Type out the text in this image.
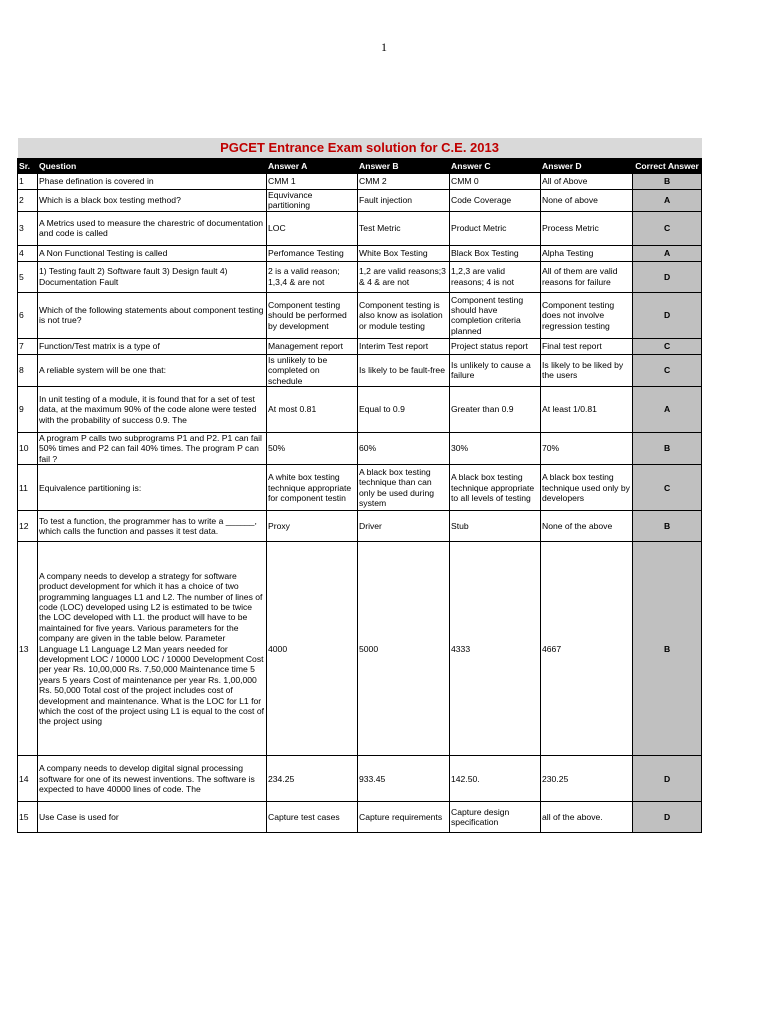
1
PGCET Entrance Exam solution for C.E. 2013						
Sr.	Question	Answer A	Answer B	Answer C	Answer D	Correct Answer
1	Phase defination is covered in	CMM 1	CMM 2	CMM 0	All of Above	B
2	Which is a black box testing method?	Equvivance partitioning	Fault injection	Code Coverage	None of above	A
3	A Metrics used to measure the charestric of documentation and code is called	LOC	Test Metric	Product Metric	Process Metric	C
4	A Non Functional Testing is called	Perfomance Testing	White Box Testing	Black Box Testing	Alpha Testing	A
5	1) Testing fault 2) Software fault 3) Design fault 4) Documentation Fault	2 is a valid reason; 1,3,4 & are not	1,2 are valid reasons;3 & 4 & are not	1,2,3 are valid reasons; 4 is not	All of them are valid reasons for failure	D
6	Which of the following statements about component testing is not true?	Component testing should be performed by development	Component testing is also know as isolation or module testing	Component testing should have completion criteria planned	Component testing does not involve regression testing	D
7	Function/Test matrix is a type of	Management report	Interim Test report	Project status report	Final test report	C
8	A reliable system will be one that:	Is unlikely to be completed on schedule	Is likely to be fault-free	Is unlikely to cause a failure	Is likely to be liked by the users	C
9	In unit testing of a module, it is found that for a set of test data, at the maximum 90% of the code alone were tested with the probability of success 0.9. The	At most 0.81	Equal to 0.9	Greater than 0.9	At least 1/0.81	A
10	A program P calls two subprograms P1 and P2. P1 can fail 50% times and P2 can fail 40% times. The program P can fail ?	50%	60%	30%	70%	B
11	Equivalence partitioning is:	A white box testing technique appropriate for component testin	A black box testing technique than can only be used during system	A black box testing technique appropriate to all levels of testing	A black box testing technique used only by developers	C
12	To test a function, the programmer has to write a ______, which calls the function and passes it test data.	Proxy	Driver	Stub	None of the above	B
13	A company needs to develop a strategy for software product development for which it has a choice of two programming languages L1 and L2. The number of lines of code (LOC) developed using L2 is estimated to be twice the LOC developed with L1. the product will have to be maintained for five years. Various parameters for the company are given in the table below. Parameter Language L1 Language L2 Man years needed for development LOC / 10000 LOC / 10000 Development Cost per year Rs. 10,00,000 Rs. 7,50,000 Maintenance time 5 years 5 years Cost of maintenance per year Rs. 1,00,000 Rs. 50,000 Total cost of the project includes cost of development and maintenance. What is the LOC for L1 for which the cost of the project using L1 is equal to the cost of the project using	4000	5000	4333	4667	B
14	A company needs to develop digital signal processing software for one of its newest inventions. The software is expected to have 40000 lines of code. The	234.25	933.45	142.50.	230.25	D
15	Use Case is used for	Capture test cases	Capture requirements	Capture design specification	all of the above.	D
